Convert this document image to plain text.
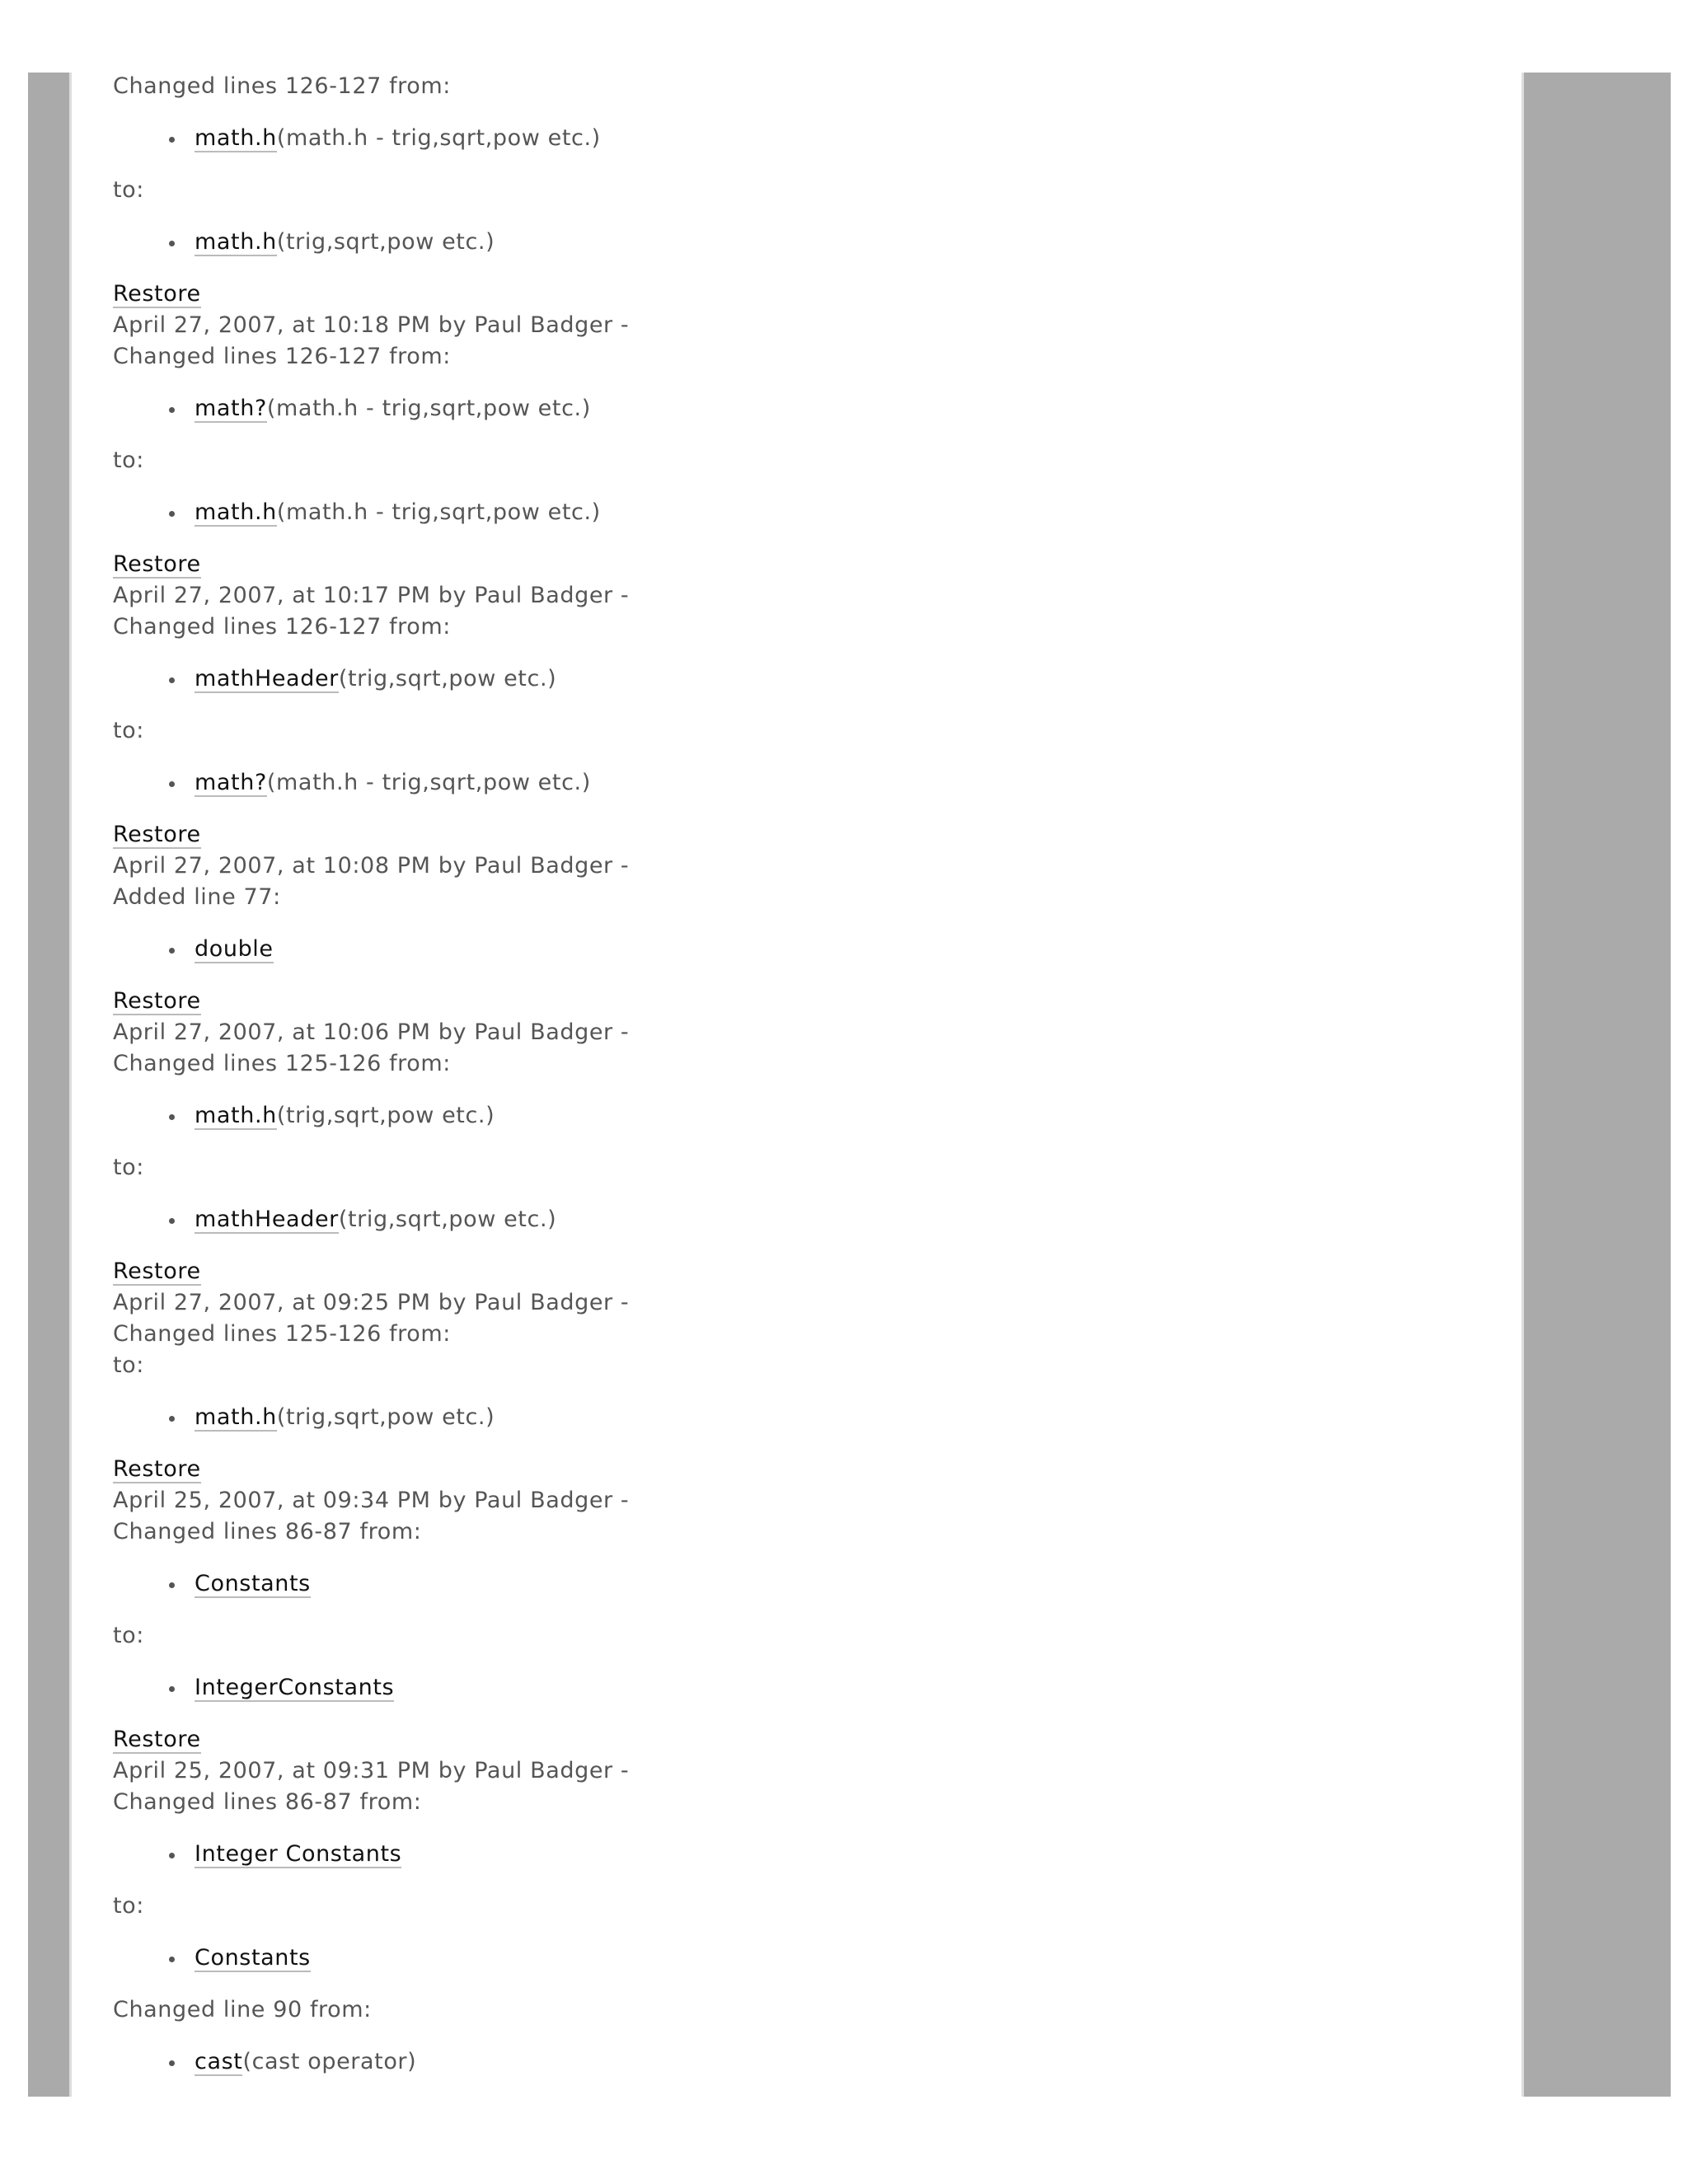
Changed lines 126-127 from:
math.h(math.h - trig,sqrt,pow etc.)
to:
math.h(trig,sqrt,pow etc.)
Restore
April 27, 2007, at 10:18 PM by Paul Badger -
Changed lines 126-127 from:
math?(math.h - trig,sqrt,pow etc.)
to:
math.h(math.h - trig,sqrt,pow etc.)
Restore
April 27, 2007, at 10:17 PM by Paul Badger -
Changed lines 126-127 from:
mathHeader(trig,sqrt,pow etc.)
to:
math?(math.h - trig,sqrt,pow etc.)
Restore
April 27, 2007, at 10:08 PM by Paul Badger -
Added line 77:
double
Restore
April 27, 2007, at 10:06 PM by Paul Badger -
Changed lines 125-126 from:
math.h(trig,sqrt,pow etc.)
to:
mathHeader(trig,sqrt,pow etc.)
Restore
April 27, 2007, at 09:25 PM by Paul Badger -
Changed lines 125-126 from:
to:
math.h(trig,sqrt,pow etc.)
Restore
April 25, 2007, at 09:34 PM by Paul Badger -
Changed lines 86-87 from:
Constants
to:
IntegerConstants
Restore
April 25, 2007, at 09:31 PM by Paul Badger -
Changed lines 86-87 from:
Integer Constants
to:
Constants
Changed line 90 from:
cast(cast operator)
